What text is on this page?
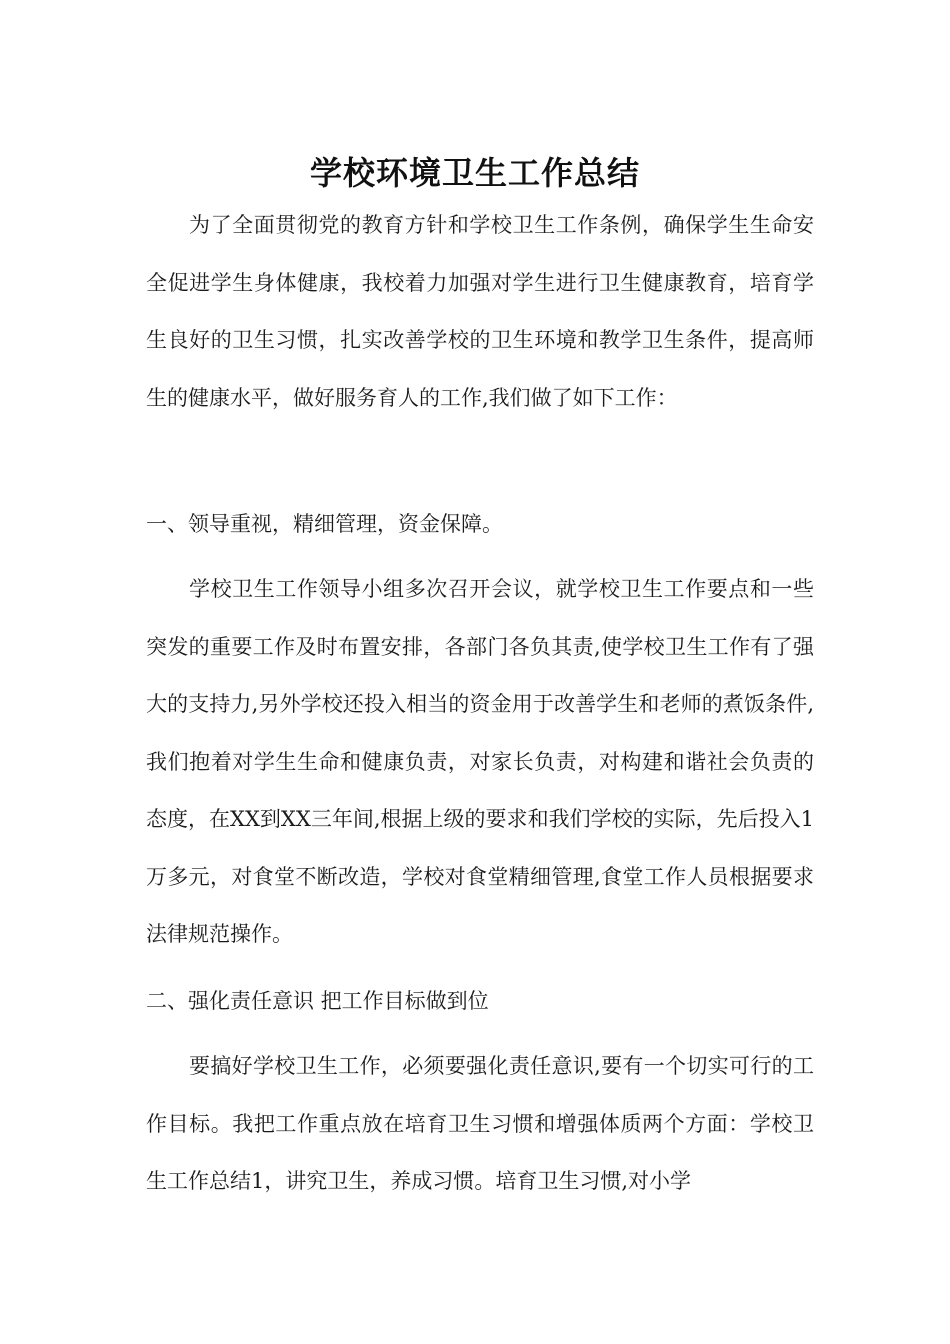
学校环境卫生工作总结

为了全面贯彻党的教育方针和学校卫生工作条例，确保学生生命安全促进学生身体健康，我校着力加强对学生进行卫生健康教育，培育学生良好的卫生习惯，扎实改善学校的卫生环境和教学卫生条件，提高师生的健康水平，做好服务育人的工作,我们做了如下工作：

一、领导重视，精细管理，资金保障。

学校卫生工作领导小组多次召开会议，就学校卫生工作要点和一些突发的重要工作及时布置安排，各部门各负其责,使学校卫生工作有了强大的支持力,另外学校还投入相当的资金用于改善学生和老师的煮饭条件,我们抱着对学生生命和健康负责，对家长负责，对构建和谐社会负责的态度，在XX到XX三年间,根据上级的要求和我们学校的实际，先后投入1万多元，对食堂不断改造，学校对食堂精细管理,食堂工作人员根据要求法律规范操作。

二、强化责任意识 把工作目标做到位

要搞好学校卫生工作，必须要强化责任意识,要有一个切实可行的工作目标。我把工作重点放在培育卫生习惯和增强体质两个方面：学校卫生工作总结1，讲究卫生，养成习惯。培育卫生习惯,对小学
